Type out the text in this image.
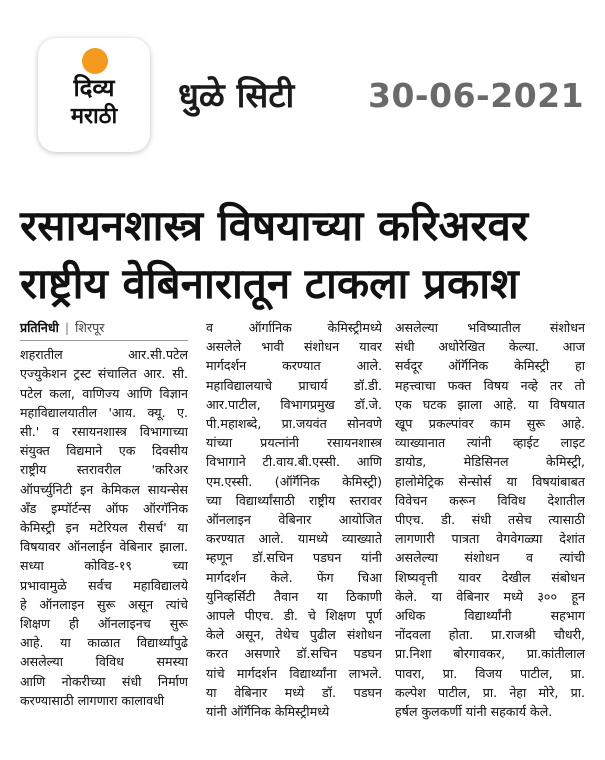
दिव्य
मराठी
धुळे सिटी 30-06-2021
रसायनशास्त्र विषयाच्या करिअरवर
राष्ट्रीय वेबिनारातून टाकला प्रकाश
प्रतिनिधी | शिरपूर
शहरातील आर.सी.पटेल
एज्युकेशन ट्रस्ट संचालित आर. सी.
पटेल कला, वाणिज्य आणि विज्ञान
महाविद्यालयातील 'आय. क्यू. ए.
सी.' व रसायनशास्त्र विभागाच्या
संयुक्त विद्यमाने एक दिवसीय
राष्ट्रीय स्तरावरील 'करिअर
ऑपर्च्युनिटी इन केमिकल सायन्सेस
अँड इम्पॉर्टन्स ऑफ ऑरगॅनिक
केमिस्ट्री इन मटेरियल रीसर्च' या
विषयावर ऑनलाईन वेबिनार झाला.
सध्या कोविड-१९ च्या
प्रभावामुळे सर्वच महाविद्यालये
हे ऑनलाइन सुरू असून त्यांचे
शिक्षण ही ऑनलाइनच सुरू
आहे. या काळात विद्यार्थ्यांपुढे
असलेल्या विविध समस्या
आणि नोकरीच्या संधी निर्माण
करण्यासाठी लागणारा कालावधी
व ऑर्गानिक केमिस्ट्रीमध्ये
असलेले भावी संशोधन यावर
मार्गदर्शन करण्यात आले.
महाविद्यालयाचे प्राचार्य डॉ.डी.
आर.पाटील, विभागप्रमुख डॉ.जे.
पी.महाशब्दे, प्रा.जयवंत सोनवणे
यांच्या प्रयत्नांनी रसायनशास्त्र
विभागाने टी.वाय.बी.एस्सी. आणि
एम.एस्सी. (ऑर्गॅनिक केमिस्ट्री)
च्या विद्यार्थ्यांसाठी राष्ट्रीय स्तरावर
ऑनलाइन वेबिनार आयोजित
करण्यात आले. यामध्ये व्याख्याते
म्हणून डॉ.सचिन पडघन यांनी
मार्गदर्शन केले. फेंग चिआ
युनिव्हर्सिटी तैवान या ठिकाणी
आपले पीएच. डी. चे शिक्षण पूर्ण
केले असून, तेथेच पुढील संशोधन
करत असणारे डॉ.सचिन पडघन
यांचे मार्गदर्शन विद्यार्थ्यांना लाभले.
या वेबिनार मध्ये डॉ. पडघन
यांनी ऑर्गॅनिक केमिस्ट्रीमध्ये
असलेल्या भविष्यातील संशोधन
संधी अधोरेखित केल्या. आज
सर्वदूर ऑर्गॅनिक केमिस्ट्री हा
महत्त्वाचा फक्त विषय नव्हे तर तो
एक घटक झाला आहे. या विषयात
खूप प्रकल्पांवर काम सुरू आहे.
व्याख्यानात त्यांनी व्हाईट लाइट
डायोड, मेडिसिनल केमिस्ट्री,
हालोमेट्रिक सेन्सोर्स या विषयांबाबत
विवेचन करून विविध देशातील
पीएच. डी. संधी तसेच त्यासाठी
लागणारी पात्रता वेगवेगळ्या देशांत
असलेल्या संशोधन व त्यांची
शिष्यवृत्ती यावर देखील संबोधन
केले. या वेबिनार मध्ये ३०० हून
अधिक विद्यार्थ्यांनी सहभाग
नोंदवला होता. प्रा.राजश्री चौधरी,
प्रा.निशा बोरगावकर, प्रा.कांतीलाल
पावरा, प्रा. विजय पाटील, प्रा.
कल्पेश पाटील, प्रा. नेहा मोरे, प्रा.
हर्षल कुलकर्णी यांनी सहकार्य केले.
